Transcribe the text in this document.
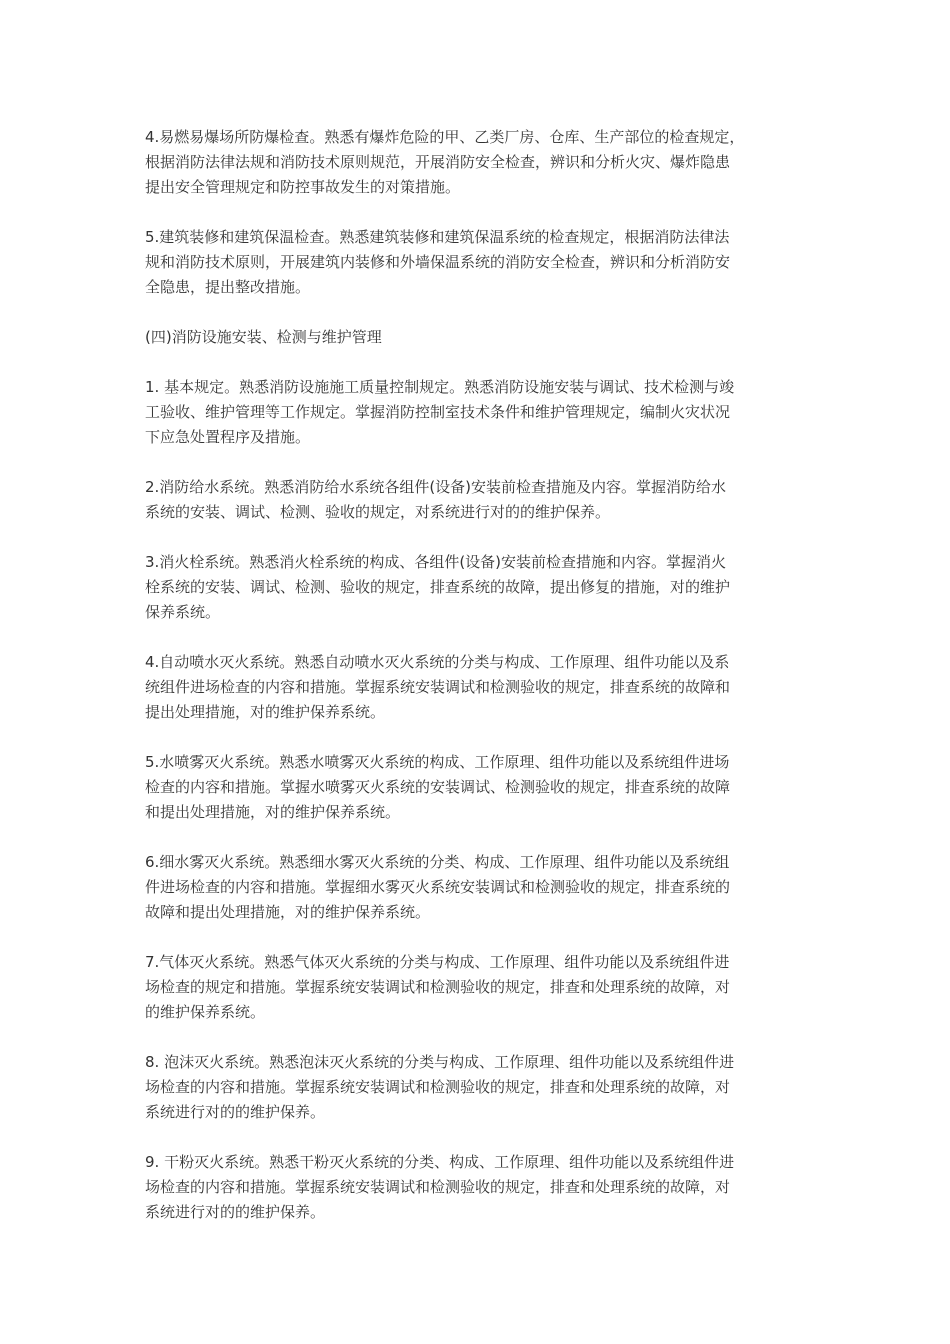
4.易燃易爆场所防爆检查。熟悉有爆炸危险的甲、乙类厂房、仓库、生产部位的检查规定，
根据消防法律法规和消防技术原则规范，开展消防安全检查，辨识和分析火灾、爆炸隐患
提出安全管理规定和防控事故发生的对策措施。

5.建筑装修和建筑保温检查。熟悉建筑装修和建筑保温系统的检查规定，根据消防法律法
规和消防技术原则，开展建筑内装修和外墙保温系统的消防安全检查，辨识和分析消防安
全隐患，提出整改措施。

(四)消防设施安装、检测与维护管理

1. 基本规定。熟悉消防设施施工质量控制规定。熟悉消防设施安装与调试、技术检测与竣
工验收、维护管理等工作规定。掌握消防控制室技术条件和维护管理规定，编制火灾状况
下应急处置程序及措施。

2.消防给水系统。熟悉消防给水系统各组件(设备)安装前检查措施及内容。掌握消防给水
系统的安装、调试、检测、验收的规定，对系统进行对的的维护保养。

3.消火栓系统。熟悉消火栓系统的构成、各组件(设备)安装前检查措施和内容。掌握消火
栓系统的安装、调试、检测、验收的规定，排查系统的故障，提出修复的措施，对的维护
保养系统。

4.自动喷水灭火系统。熟悉自动喷水灭火系统的分类与构成、工作原理、组件功能以及系
统组件进场检查的内容和措施。掌握系统安装调试和检测验收的规定，排查系统的故障和
提出处理措施，对的维护保养系统。

5.水喷雾灭火系统。熟悉水喷雾灭火系统的构成、工作原理、组件功能以及系统组件进场
检查的内容和措施。掌握水喷雾灭火系统的安装调试、检测验收的规定，排查系统的故障
和提出处理措施，对的维护保养系统。

6.细水雾灭火系统。熟悉细水雾灭火系统的分类、构成、工作原理、组件功能以及系统组
件进场检查的内容和措施。掌握细水雾灭火系统安装调试和检测验收的规定，排查系统的
故障和提出处理措施，对的维护保养系统。

7.气体灭火系统。熟悉气体灭火系统的分类与构成、工作原理、组件功能以及系统组件进
场检查的规定和措施。掌握系统安装调试和检测验收的规定，排查和处理系统的故障，对
的维护保养系统。

8. 泡沫灭火系统。熟悉泡沫灭火系统的分类与构成、工作原理、组件功能以及系统组件进
场检查的内容和措施。掌握系统安装调试和检测验收的规定，排查和处理系统的故障，对
系统进行对的的维护保养。

9. 干粉灭火系统。熟悉干粉灭火系统的分类、构成、工作原理、组件功能以及系统组件进
场检查的内容和措施。掌握系统安装调试和检测验收的规定，排查和处理系统的故障，对
系统进行对的的维护保养。
